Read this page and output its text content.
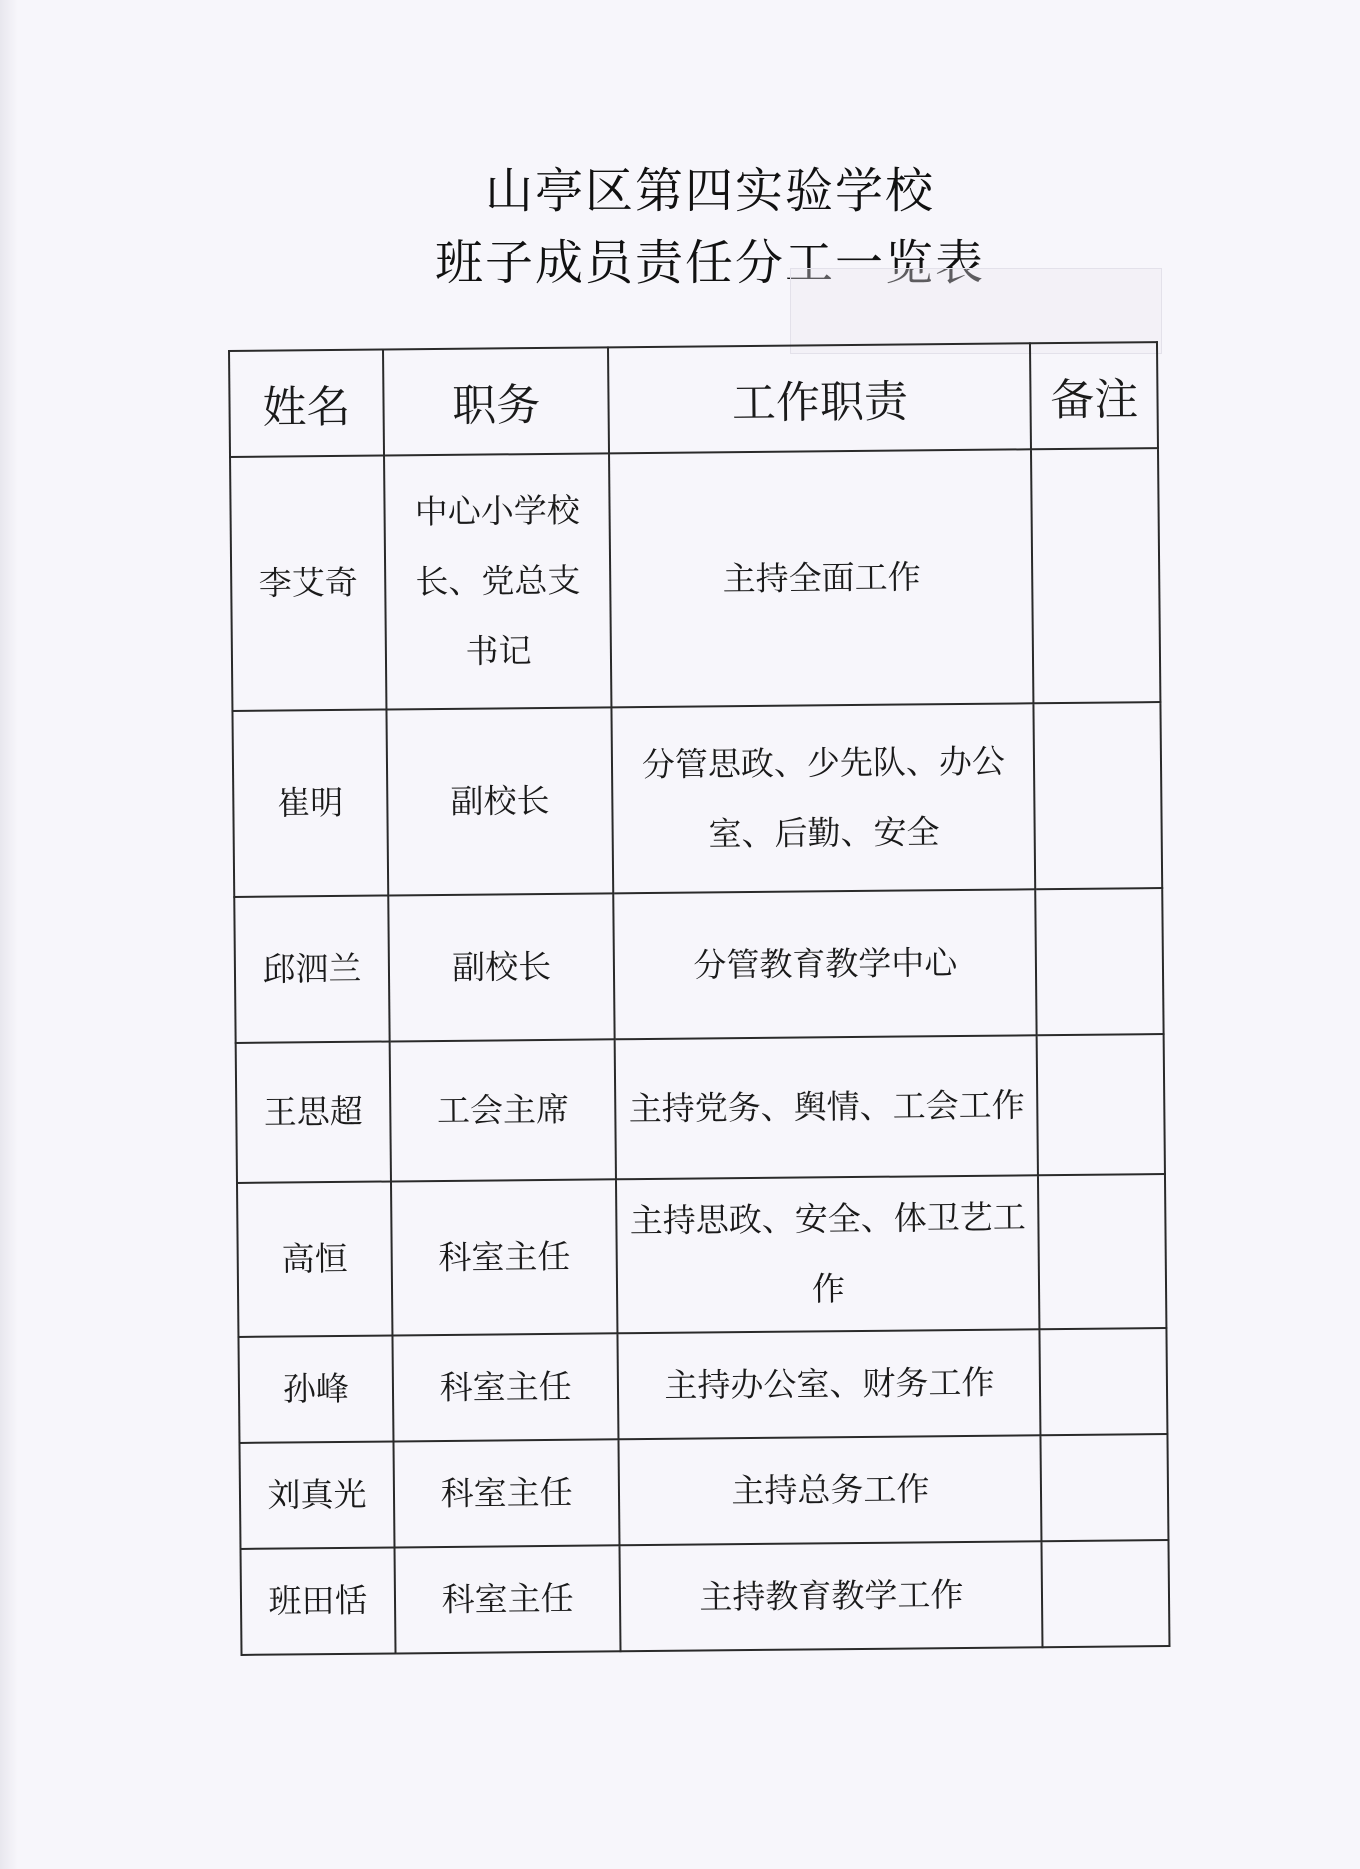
山亭区第四实验学校
班子成员责任分工一览表
姓名	职务	工作职责	备注
李艾奇	中心小学校长、党总支书记	主持全面工作	
崔明	副校长	分管思政、少先队、办公室、后勤、安全	
邱泗兰	副校长	分管教育教学中心	
王思超	工会主席	主持党务、舆情、工会工作	
高恒	科室主任	主持思政、安全、体卫艺工作	
孙峰	科室主任	主持办公室、财务工作	
刘真光	科室主任	主持总务工作	
班田恬	科室主任	主持教育教学工作	
